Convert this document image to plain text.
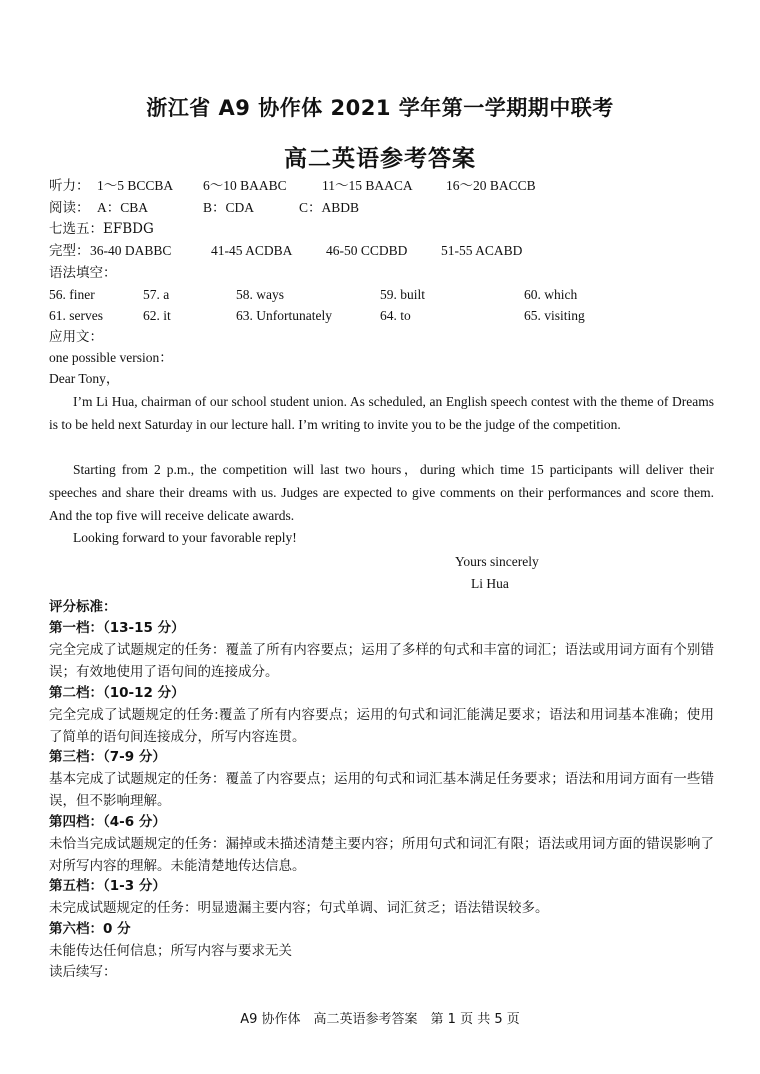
浙江省 A9 协作体 2021 学年第一学期期中联考
高二英语参考答案
听力： 1～5 BCCBA 6～10 BAABC	11～15 BAACA 16～20 BACCB
阅读： A：CBA	B：CDA	C：ABDB
七选五：EFBDG
完型： 36-40 DABBC	41-45 ACDBA 46-50 CCDBD 51-55 ACABD
语法填空：
56. finer	57. a	58. ways	59. built	60. which
61. serves	62. it	63. Unfortunately	64. to	65. visiting
应用文：
one possible version：
Dear Tony，
I’m Li Hua, chairman of our school student union. As scheduled, an English speech contest with the theme of Dreams is to be held next Saturday in our lecture hall. I’m writing to invite you to be the judge of the competition.
Starting from 2 p.m., the competition will last two hours，during which time 15 participants will deliver their speeches and share their dreams with us. Judges are expected to give comments on their performances and score them. And the top five will receive delicate awards.
Looking forward to your favorable reply!
Yours sincerely
Li Hua
评分标准：
第一档：（13-15 分）
完全完成了试题规定的任务：覆盖了所有内容要点；运用了多样的句式和丰富的词汇；语法或用词方面有个别错误；有效地使用了语句间的连接成分。
第二档：（10-12 分）
完全完成了试题规定的任务:覆盖了所有内容要点；运用的句式和词汇能满足要求；语法和用词基本准确；使用了简单的语句间连接成分，所写内容连贯。
第三档：（7-9 分）
基本完成了试题规定的任务：覆盖了内容要点；运用的句式和词汇基本满足任务要求；语法和用词方面有一些错误，但不影响理解。
第四档：（4-6 分）
未恰当完成试题规定的任务：漏掉或未描述清楚主要内容；所用句式和词汇有限；语法或用词方面的错误影响了对所写内容的理解。未能清楚地传达信息。
第五档：（1-3 分）
未完成试题规定的任务：明显遗漏主要内容；句式单调、词汇贫乏；语法错误较多。
第六档：0 分
未能传达任何信息；所写内容与要求无关
读后续写：
A9 协作体　高二英语参考答案　第 1 页 共 5 页
